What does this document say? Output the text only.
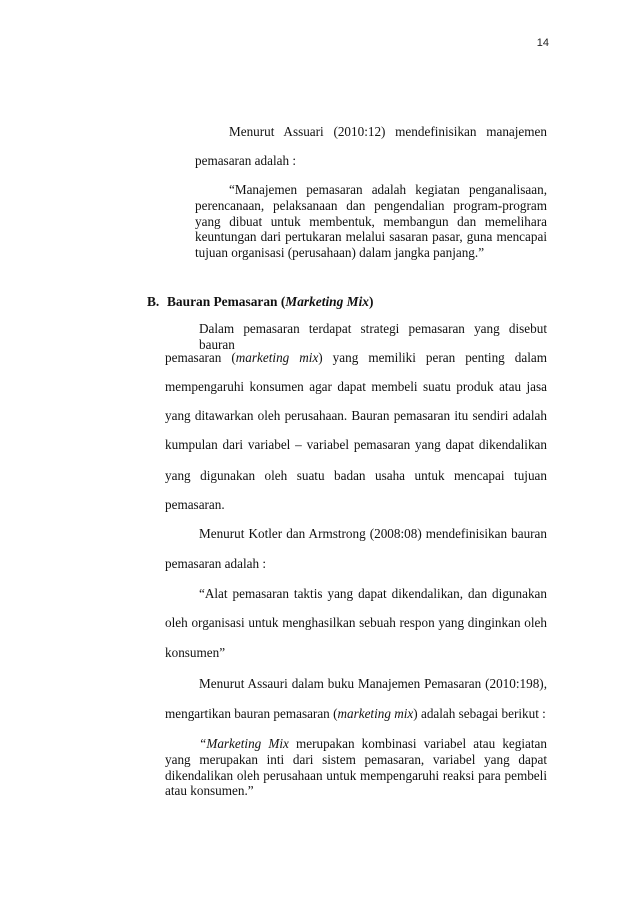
14
Menurut Assuari (2010:12) mendefinisikan manajemen
pemasaran adalah :

“Manajemen pemasaran adalah kegiatan penganalisaan, perencanaan, pelaksanaan dan pengendalian program-program yang dibuat untuk membentuk, membangun dan memelihara keuntungan dari pertukaran melalui sasaran pasar, guna mencapai tujuan organisasi (perusahaan) dalam jangka panjang.”

B. Bauran Pemasaran (Marketing Mix)
Dalam pemasaran terdapat strategi pemasaran yang disebut bauran
pemasaran (marketing mix) yang memiliki peran penting dalam
mempengaruhi konsumen agar dapat membeli suatu produk atau jasa
yang ditawarkan oleh perusahaan. Bauran pemasaran itu sendiri adalah
kumpulan dari variabel – variabel pemasaran yang dapat dikendalikan
yang digunakan oleh suatu badan usaha untuk mencapai tujuan
pemasaran.
Menurut Kotler dan Armstrong (2008:08) mendefinisikan bauran
pemasaran adalah :
“Alat pemasaran taktis yang dapat dikendalikan, dan digunakan
oleh organisasi untuk menghasilkan sebuah respon yang dinginkan oleh
konsumen”
Menurut Assauri dalam buku Manajemen Pemasaran (2010:198),
mengartikan bauran pemasaran (marketing mix) adalah sebagai berikut :

“Marketing Mix merupakan kombinasi variabel atau kegiatan yang merupakan inti dari sistem pemasaran, variabel yang dapat dikendalikan oleh perusahaan untuk mempengaruhi reaksi para pembeli atau konsumen.”
